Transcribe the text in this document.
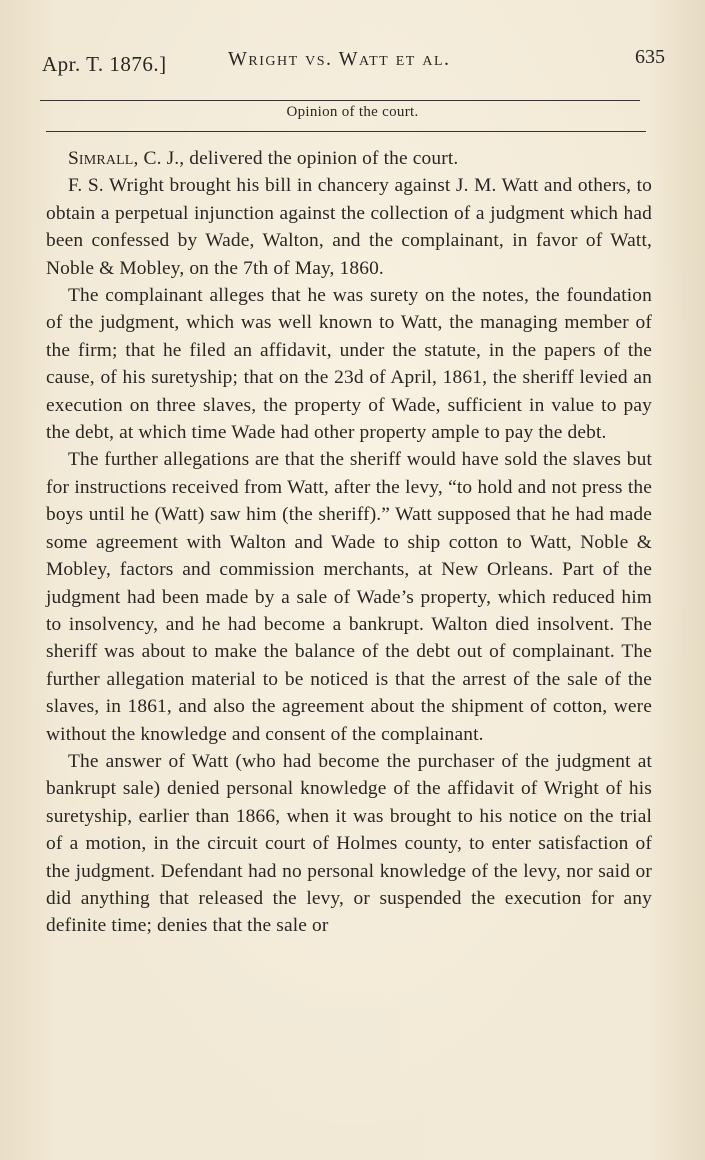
Apr. T. 1876.]	Wright vs. Watt et al.	635
Opinion of the court.

Simrall, C. J., delivered the opinion of the court.

F. S. Wright brought his bill in chancery against J. M. Watt and others, to obtain a perpetual injunction against the collection of a judgment which had been confessed by Wade, Walton, and the complainant, in favor of Watt, Noble & Mobley, on the 7th of May, 1860.

The complainant alleges that he was surety on the notes, the foundation of the judgment, which was well known to Watt, the managing member of the firm; that he filed an affidavit, under the statute, in the papers of the cause, of his suretyship; that on the 23d of April, 1861, the sheriff levied an execution on three slaves, the property of Wade, sufficient in value to pay the debt, at which time Wade had other property ample to pay the debt.

The further allegations are that the sheriff would have sold the slaves but for instructions received from Watt, after the levy, “to hold and not press the boys until he (Watt) saw him (the sheriff).” Watt supposed that he had made some agreement with Walton and Wade to ship cotton to Watt, Noble & Mobley, factors and commission merchants, at New Orleans. Part of the judgment had been made by a sale of Wade’s property, which reduced him to insolvency, and he had become a bankrupt. Walton died insolvent. The sheriff was about to make the balance of the debt out of complainant. The further allegation material to be noticed is that the arrest of the sale of the slaves, in 1861, and also the agreement about the shipment of cotton, were without the knowledge and consent of the complainant.

The answer of Watt (who had become the purchaser of the judgment at bankrupt sale) denied personal knowledge of the affidavit of Wright of his suretyship, earlier than 1866, when it was brought to his notice on the trial of a motion, in the circuit court of Holmes county, to enter satisfaction of the judgment. Defendant had no personal knowledge of the levy, nor said or did anything that released the levy, or suspended the execution for any definite time; denies that the sale or
